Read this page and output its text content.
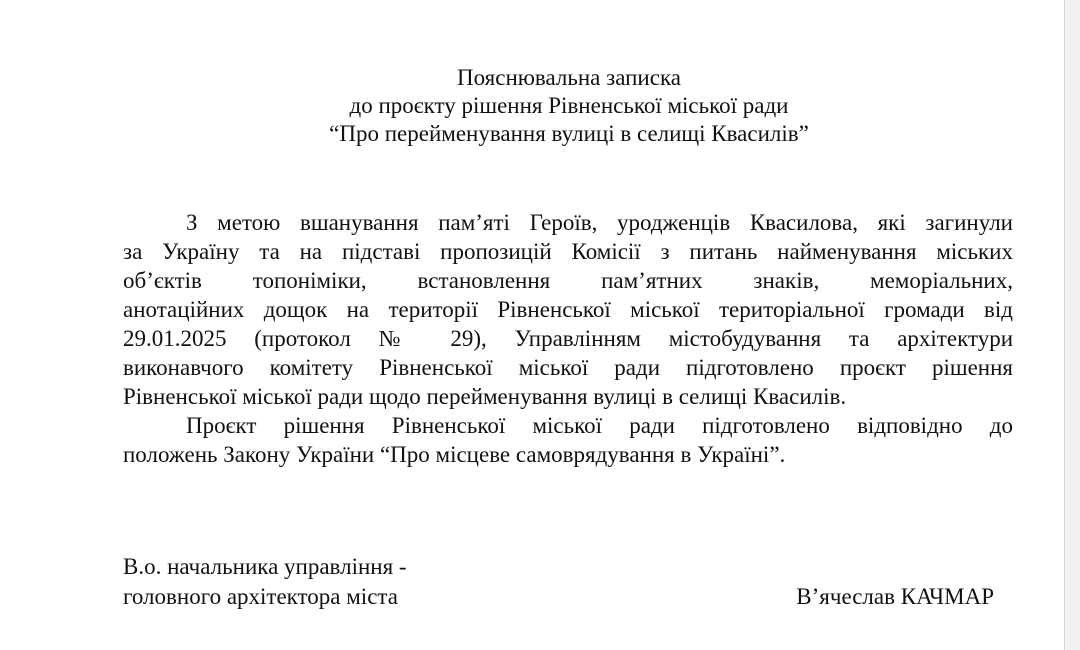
Пояснювальна записка
до проєкту рішення Рівненської міської ради
“Про перейменування вулиці в селищі Квасилів”
З метою вшанування пам’яті Героїв, уродженців Квасилова, які загинули
за Україну та на підставі пропозицій Комісії з питань найменування міських
об’єктів топоніміки, встановлення пам’ятних знаків, меморіальних,
анотаційних дощок на території Рівненської міської територіальної громади від
29.01.2025 (протокол № 29), Управлінням містобудування та архітектури
виконавчого комітету Рівненської міської ради підготовлено проєкт рішення
Рівненської міської ради щодо перейменування вулиці в селищі Квасилів.
Проєкт рішення Рівненської міської ради підготовлено відповідно до
положень Закону України “Про місцеве самоврядування в Україні”.
В.о. начальника управління -
головного архітектора міста	В’ячеслав КАЧМАР
